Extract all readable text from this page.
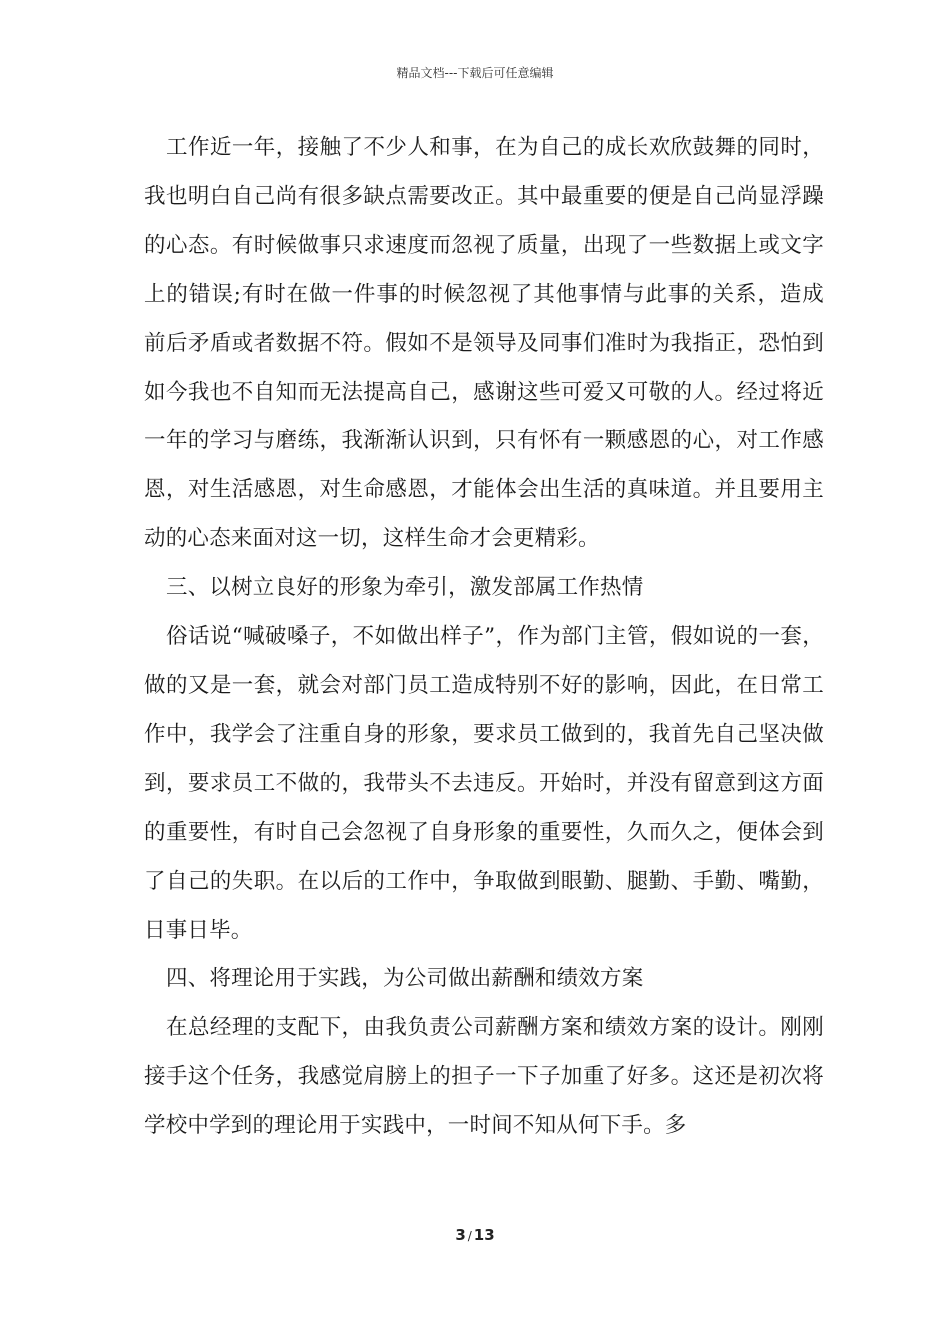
精品文档---下载后可任意编辑

工作近一年，接触了不少人和事，在为自己的成长欢欣鼓舞的同时，我也明白自己尚有很多缺点需要改正。其中最重要的便是自己尚显浮躁的心态。有时候做事只求速度而忽视了质量，出现了一些数据上或文字上的错误;有时在做一件事的时候忽视了其他事情与此事的关系，造成前后矛盾或者数据不符。假如不是领导及同事们准时为我指正，恐怕到如今我也不自知而无法提高自己，感谢这些可爱又可敬的人。经过将近一年的学习与磨练，我渐渐认识到，只有怀有一颗感恩的心，对工作感恩，对生活感恩，对生命感恩，才能体会出生活的真味道。并且要用主动的心态来面对这一切，这样生命才会更精彩。

三、以树立良好的形象为牵引，激发部属工作热情

俗话说“喊破嗓子，不如做出样子”，作为部门主管，假如说的一套，做的又是一套，就会对部门员工造成特别不好的影响，因此，在日常工作中，我学会了注重自身的形象，要求员工做到的，我首先自己坚决做到，要求员工不做的，我带头不去违反。开始时，并没有留意到这方面的重要性，有时自己会忽视了自身形象的重要性，久而久之，便体会到了自己的失职。在以后的工作中，争取做到眼勤、腿勤、手勤、嘴勤，日事日毕。

四、将理论用于实践，为公司做出薪酬和绩效方案

在总经理的支配下，由我负责公司薪酬方案和绩效方案的设计。刚刚接手这个任务，我感觉肩膀上的担子一下子加重了好多。这还是初次将学校中学到的理论用于实践中，一时间不知从何下手。多

3 / 13
